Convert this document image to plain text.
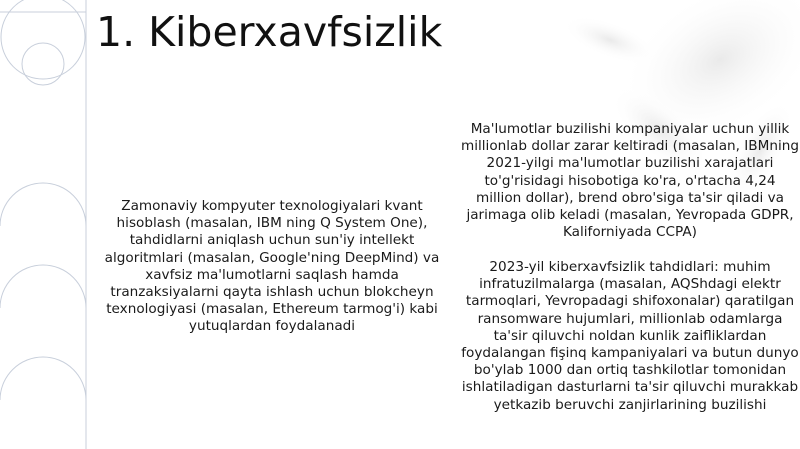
1. Kiberxavfsizlik

Zamonaviy kompyuter texnologiyalari kvant hisoblash (masalan, IBM ning Q System One), tahdidlarni aniqlash uchun sun'iy intellekt algoritmlari (masalan, Google'ning DeepMind) va xavfsiz ma'lumotlarni saqlash hamda tranzaksiyalarni qayta ishlash uchun blokcheyn texnologiyasi (masalan, Ethereum tarmog'i) kabi yutuqlardan foydalanadi

Ma'lumotlar buzilishi kompaniyalar uchun yillik millionlab dollar zarar keltiradi (masalan, IBMning 2021-yilgi ma'lumotlar buzilishi xarajatlari to'g'risidagi hisobotiga ko'ra, o'rtacha 4,24 million dollar), brend obro'siga ta'sir qiladi va jarimaga olib keladi (masalan, Yevropada GDPR, Kaliforniyada CCPA)

2023-yil kiberxavfsizlik tahdidlari: muhim infratuzilmalarga (masalan, AQShdagi elektr tarmoqlari, Yevropadagi shifoxonalar) qaratilgan ransomware hujumlari, millionlab odamlarga ta'sir qiluvchi noldan kunlik zaifliklardan foydalangan fişinq kampaniyalari va butun dunyo bo'ylab 1000 dan ortiq tashkilotlar tomonidan ishlatiladigan dasturlarni ta'sir qiluvchi murakkab yetkazib beruvchi zanjirlarining buzilishi
